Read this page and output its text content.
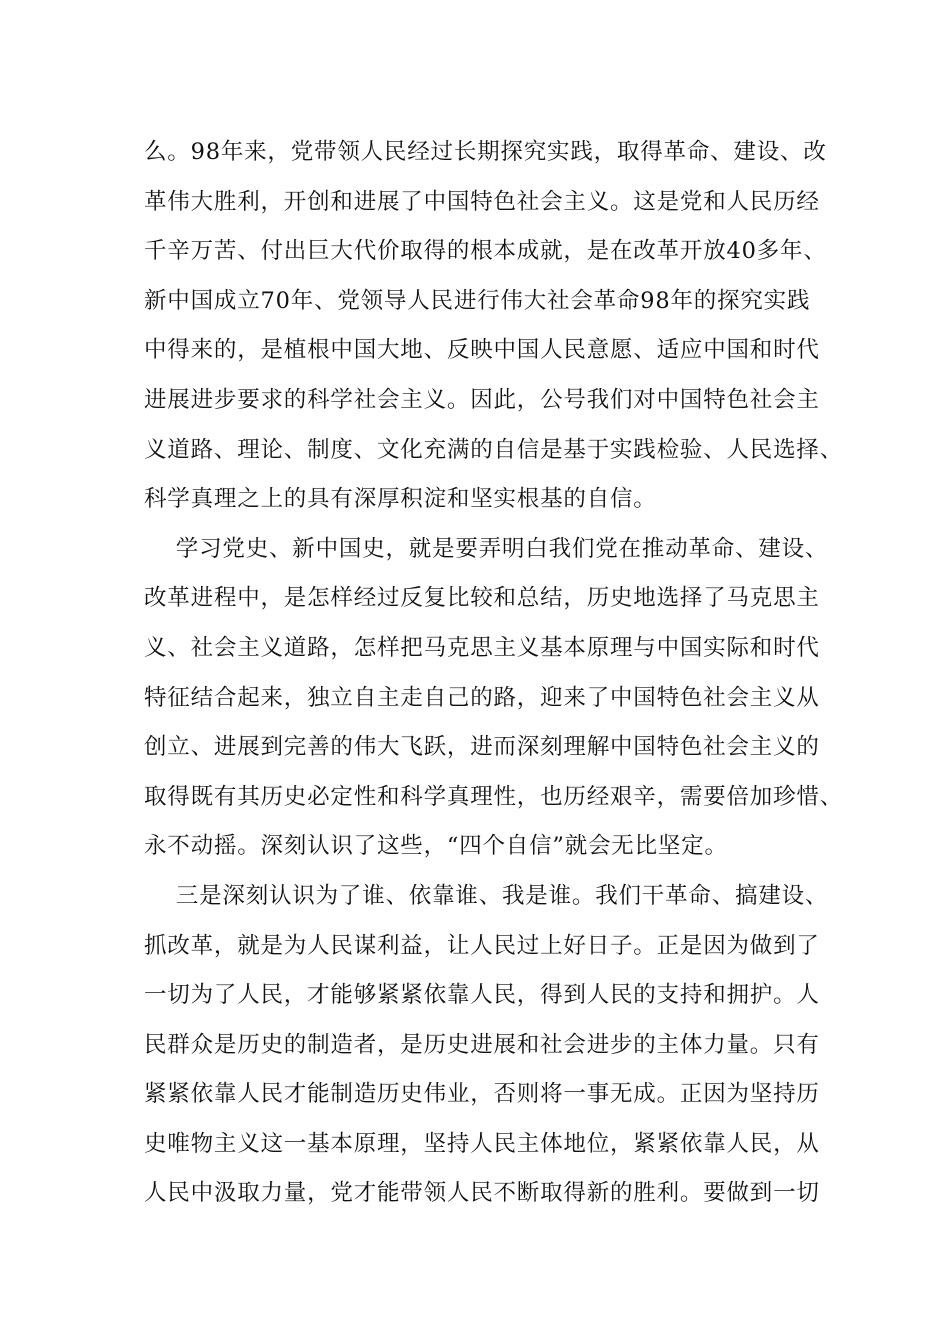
么。98年来，党带领人民经过长期探究实践，取得革命、建设、改
革伟大胜利，开创和进展了中国特色社会主义。这是党和人民历经
千辛万苦、付出巨大代价取得的根本成就，是在改革开放40多年、
新中国成立70年、党领导人民进行伟大社会革命98年的探究实践
中得来的，是植根中国大地、反映中国人民意愿、适应中国和时代
进展进步要求的科学社会主义。因此，公号我们对中国特色社会主
义道路、理论、制度、文化充满的自信是基于实践检验、人民选择、
科学真理之上的具有深厚积淀和坚实根基的自信。
学习党史、新中国史，就是要弄明白我们党在推动革命、建设、
改革进程中，是怎样经过反复比较和总结，历史地选择了马克思主
义、社会主义道路，怎样把马克思主义基本原理与中国实际和时代
特征结合起来，独立自主走自己的路，迎来了中国特色社会主义从
创立、进展到完善的伟大飞跃，进而深刻理解中国特色社会主义的
取得既有其历史必定性和科学真理性，也历经艰辛，需要倍加珍惜、
永不动摇。深刻认识了这些，“四个自信”就会无比坚定。
三是深刻认识为了谁、依靠谁、我是谁。我们干革命、搞建设、
抓改革，就是为人民谋利益，让人民过上好日子。正是因为做到了
一切为了人民，才能够紧紧依靠人民，得到人民的支持和拥护。人
民群众是历史的制造者，是历史进展和社会进步的主体力量。只有
紧紧依靠人民才能制造历史伟业，否则将一事无成。正因为坚持历
史唯物主义这一基本原理，坚持人民主体地位，紧紧依靠人民，从
人民中汲取力量，党才能带领人民不断取得新的胜利。要做到一切
